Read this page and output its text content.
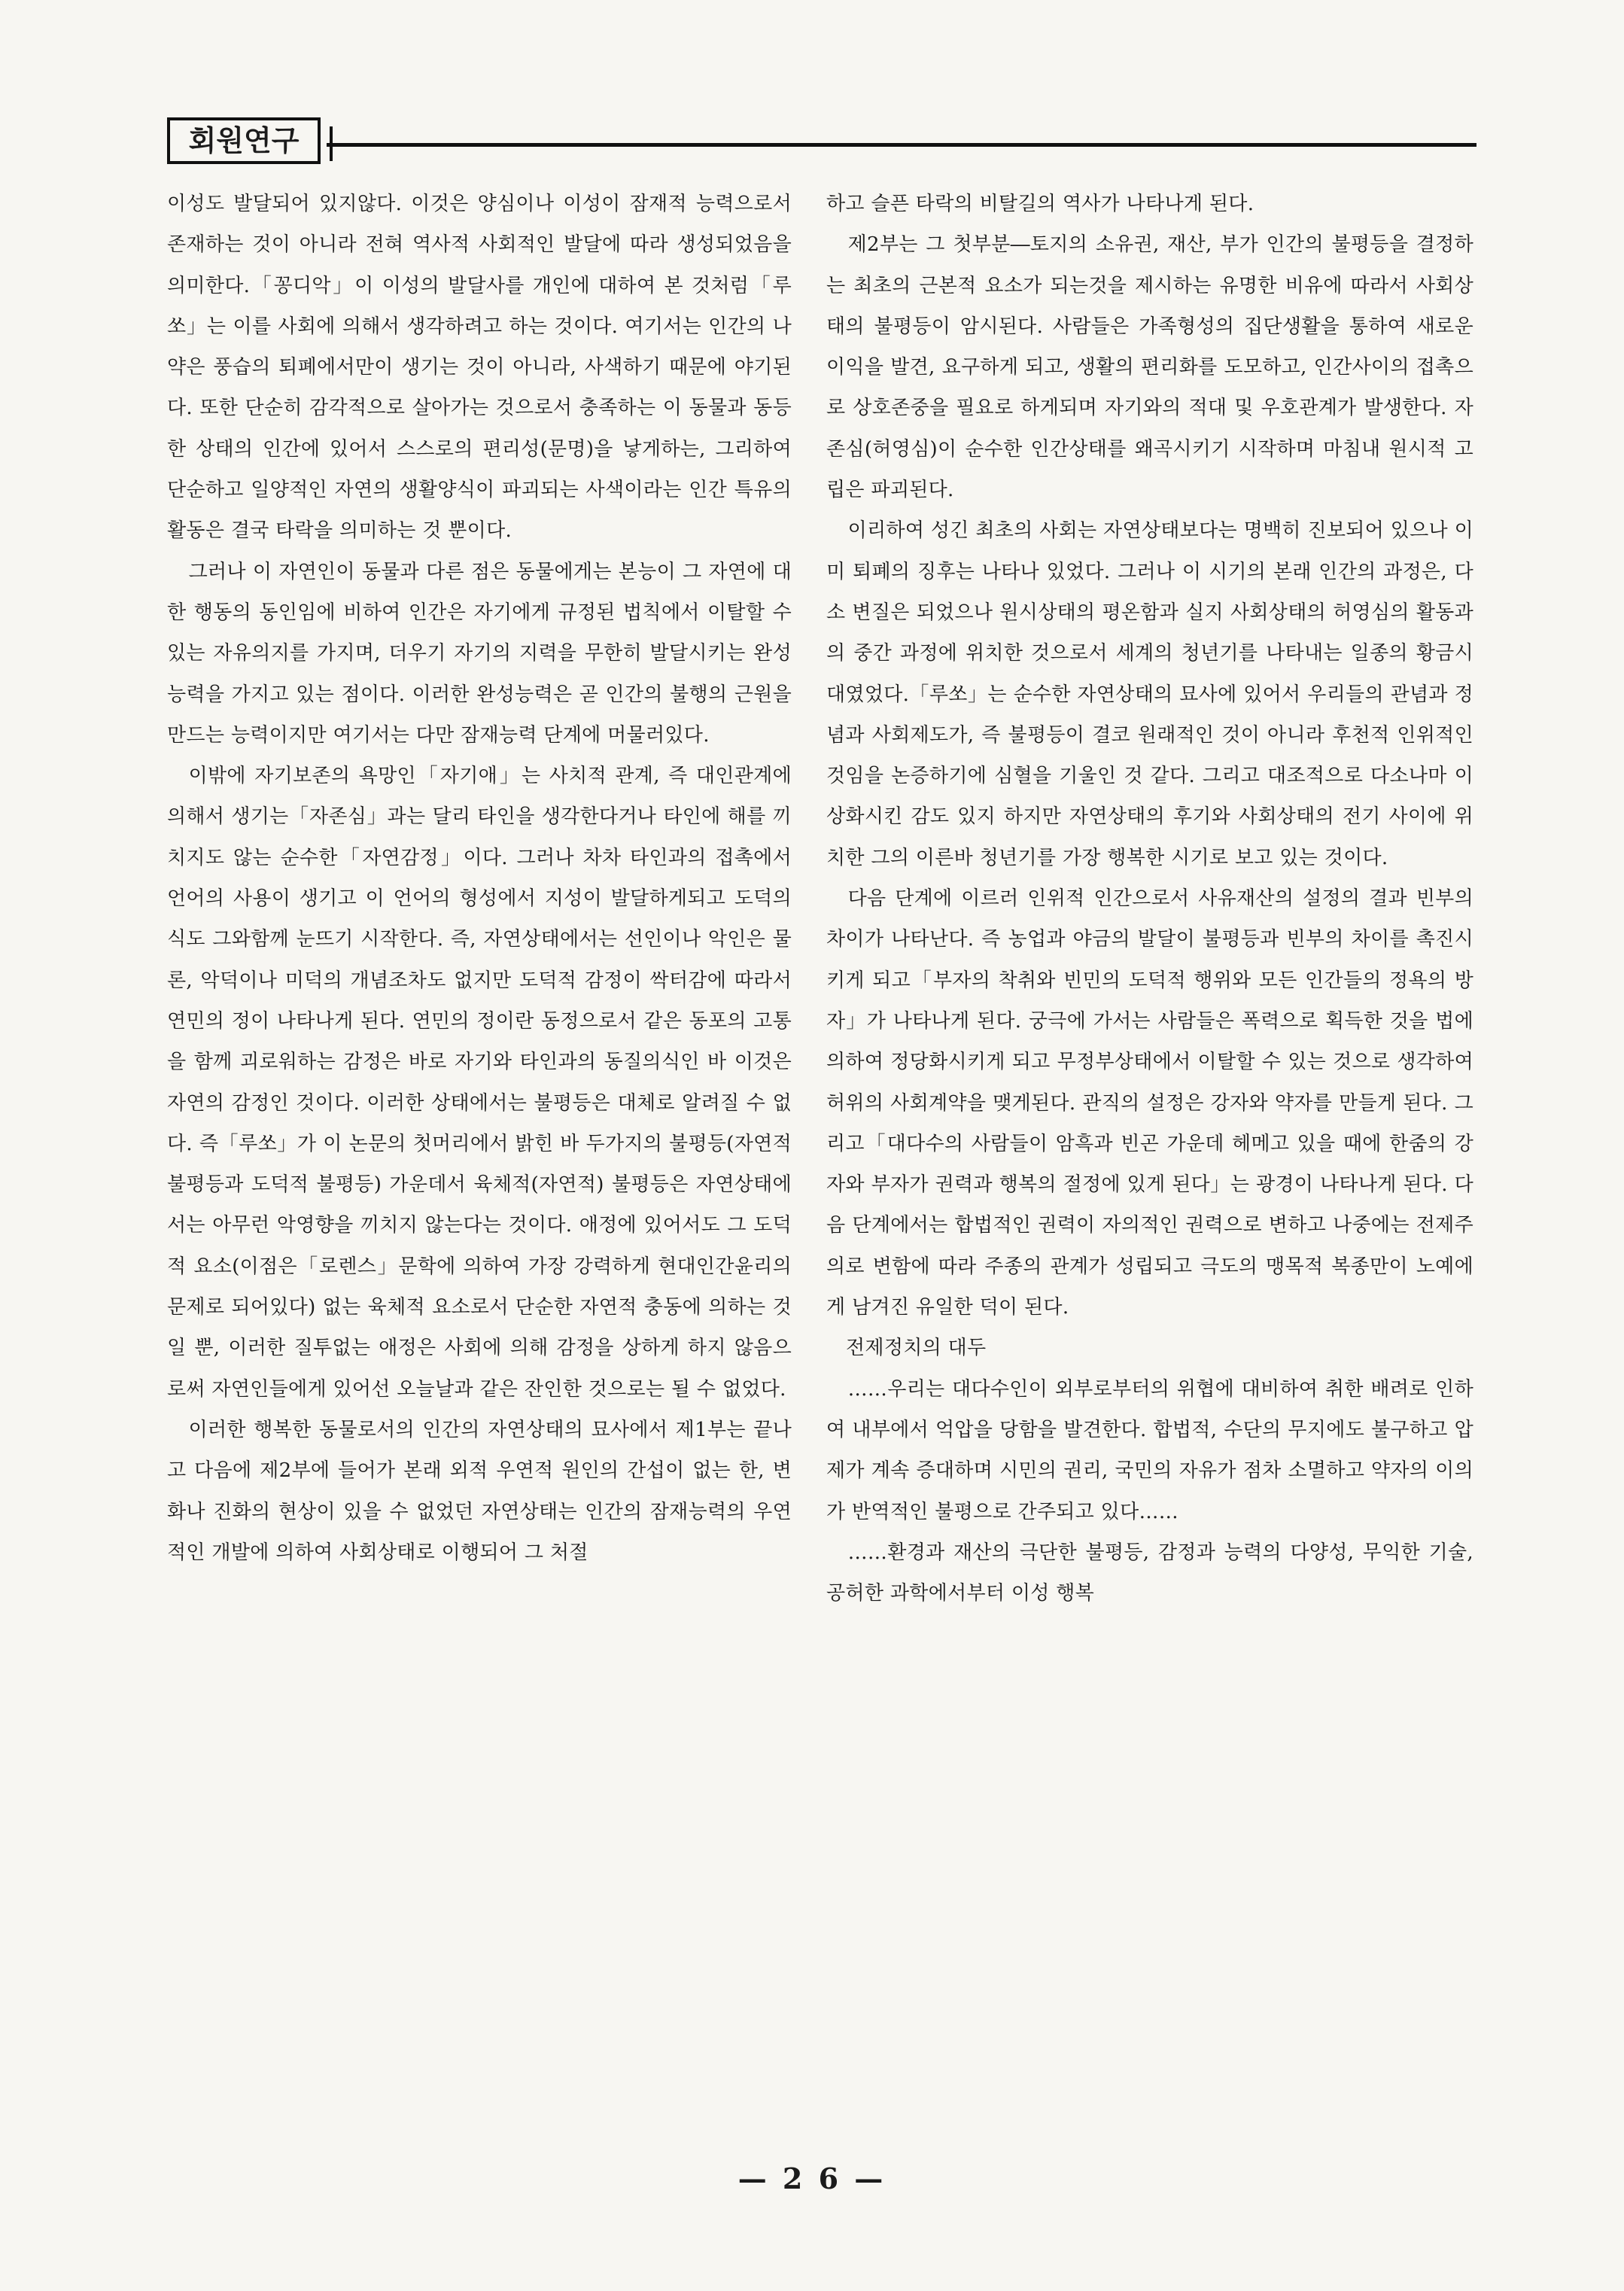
회원연구

이성도 발달되어 있지않다. 이것은 양심이나 이성이 잠재적 능력으로서 존재하는 것이 아니라 전혀 역사적 사회적인 발달에 따라 생성되었음을 의미한다.「꽁디악」이 이성의 발달사를 개인에 대하여 본 것처럼「루쏘」는 이를 사회에 의해서 생각하려고 하는 것이다. 여기서는 인간의 나약은 풍습의 퇴폐에서만이 생기는 것이 아니라, 사색하기 때문에 야기된다. 또한 단순히 감각적으로 살아가는 것으로서 충족하는 이 동물과 동등한 상태의 인간에 있어서 스스로의 편리성(문명)을 낳게하는, 그리하여 단순하고 일양적인 자연의 생활양식이 파괴되는 사색이라는 인간 특유의 활동은 결국 타락을 의미하는 것 뿐이다.

그러나 이 자연인이 동물과 다른 점은 동물에게는 본능이 그 자연에 대한 행동의 동인임에 비하여 인간은 자기에게 규정된 법칙에서 이탈할 수 있는 자유의지를 가지며, 더우기 자기의 지력을 무한히 발달시키는 완성능력을 가지고 있는 점이다. 이러한 완성능력은 곧 인간의 불행의 근원을 만드는 능력이지만 여기서는 다만 잠재능력 단계에 머물러있다.

이밖에 자기보존의 욕망인「자기애」는 사치적 관계, 즉 대인관계에 의해서 생기는「자존심」과는 달리 타인을 생각한다거나 타인에 해를 끼치지도 않는 순수한「자연감정」이다. 그러나 차차 타인과의 접촉에서 언어의 사용이 생기고 이 언어의 형성에서 지성이 발달하게되고 도덕의식도 그와함께 눈뜨기 시작한다. 즉, 자연상태에서는 선인이나 악인은 물론, 악덕이나 미덕의 개념조차도 없지만 도덕적 감정이 싹터감에 따라서 연민의 정이 나타나게 된다. 연민의 정이란 동정으로서 같은 동포의 고통을 함께 괴로워하는 감정은 바로 자기와 타인과의 동질의식인 바 이것은 자연의 감정인 것이다. 이러한 상태에서는 불평등은 대체로 알려질 수 없다. 즉「루쏘」가 이 논문의 첫머리에서 밝힌 바 두가지의 불평등(자연적 불평등과 도덕적 불평등) 가운데서 육체적(자연적) 불평등은 자연상태에서는 아무런 악영향을 끼치지 않는다는 것이다. 애정에 있어서도 그 도덕적 요소(이점은「로렌스」문학에 의하여 가장 강력하게 현대인간윤리의 문제로 되어있다) 없는 육체적 요소로서 단순한 자연적 충동에 의하는 것일 뿐, 이러한 질투없는 애정은 사회에 의해 감정을 상하게 하지 않음으로써 자연인들에게 있어선 오늘날과 같은 잔인한 것으로는 될 수 없었다.

이러한 행복한 동물로서의 인간의 자연상태의 묘사에서 제1부는 끝나고 다음에 제2부에 들어가 본래 외적 우연적 원인의 간섭이 없는 한, 변화나 진화의 현상이 있을 수 없었던 자연상태는 인간의 잠재능력의 우연적인 개발에 의하여 사회상태로 이행되어 그 처절

하고 슬픈 타락의 비탈길의 역사가 나타나게 된다.

제2부는 그 첫부분―토지의 소유권, 재산, 부가 인간의 불평등을 결정하는 최초의 근본적 요소가 되는것을 제시하는 유명한 비유에 따라서 사회상태의 불평등이 암시된다. 사람들은 가족형성의 집단생활을 통하여 새로운 이익을 발견, 요구하게 되고, 생활의 편리화를 도모하고, 인간사이의 접촉으로 상호존중을 필요로 하게되며 자기와의 적대 및 우호관계가 발생한다. 자존심(허영심)이 순수한 인간상태를 왜곡시키기 시작하며 마침내 원시적 고립은 파괴된다.

이리하여 성긴 최초의 사회는 자연상태보다는 명백히 진보되어 있으나 이미 퇴폐의 징후는 나타나 있었다. 그러나 이 시기의 본래 인간의 과정은, 다소 변질은 되었으나 원시상태의 평온함과 실지 사회상태의 허영심의 활동과의 중간 과정에 위치한 것으로서 세계의 청년기를 나타내는 일종의 황금시대였었다.「루쏘」는 순수한 자연상태의 묘사에 있어서 우리들의 관념과 정념과 사회제도가, 즉 불평등이 결코 원래적인 것이 아니라 후천적 인위적인 것임을 논증하기에 심혈을 기울인 것 같다. 그리고 대조적으로 다소나마 이상화시킨 감도 있지 하지만 자연상태의 후기와 사회상태의 전기 사이에 위치한 그의 이른바 청년기를 가장 행복한 시기로 보고 있는 것이다.

다음 단계에 이르러 인위적 인간으로서 사유재산의 설정의 결과 빈부의 차이가 나타난다. 즉 농업과 야금의 발달이 불평등과 빈부의 차이를 촉진시키게 되고「부자의 착취와 빈민의 도덕적 행위와 모든 인간들의 정욕의 방자」가 나타나게 된다. 궁극에 가서는 사람들은 폭력으로 획득한 것을 법에 의하여 정당화시키게 되고 무정부상태에서 이탈할 수 있는 것으로 생각하여 허위의 사회계약을 맺게된다. 관직의 설정은 강자와 약자를 만들게 된다. 그리고「대다수의 사람들이 암흑과 빈곤 가운데 헤메고 있을 때에 한줌의 강자와 부자가 권력과 행복의 절정에 있게 된다」는 광경이 나타나게 된다. 다음 단계에서는 합법적인 권력이 자의적인 권력으로 변하고 나중에는 전제주의로 변함에 따라 주종의 관계가 성립되고 극도의 맹목적 복종만이 노예에게 남겨진 유일한 덕이 된다.

전제정치의 대두

……우리는 대다수인이 외부로부터의 위협에 대비하여 취한 배려로 인하여 내부에서 억압을 당함을 발견한다. 합법적, 수단의 무지에도 불구하고 압제가 계속 증대하며 시민의 권리, 국민의 자유가 점차 소멸하고 약자의 이의가 반역적인 불평으로 간주되고 있다……

……환경과 재산의 극단한 불평등, 감정과 능력의 다양성, 무익한 기술, 공허한 과학에서부터 이성 행복

— 2 6 —
